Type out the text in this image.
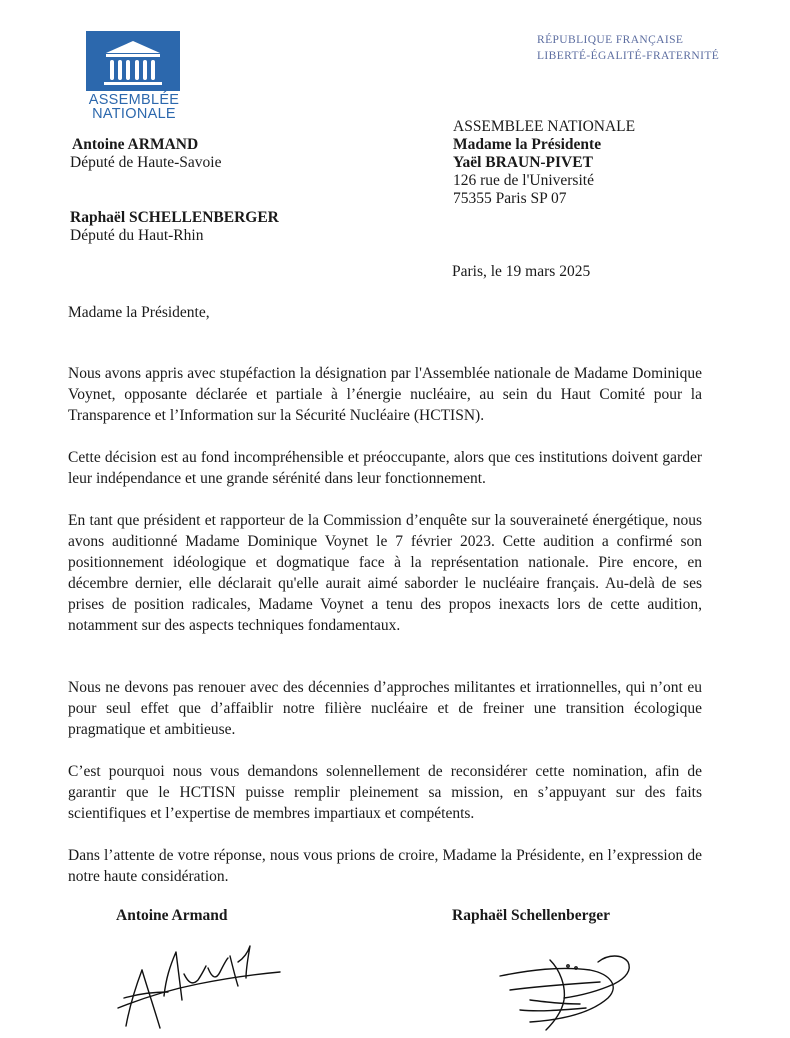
ASSEMBLÉE
NATIONALE
RÉPUBLIQUE FRANÇAISE
LIBERTÉ-ÉGALITÉ-FRATERNITÉ
Antoine ARMAND
Député de Haute-Savoie
Raphaël SCHELLENBERGER
Député du Haut-Rhin
ASSEMBLEE NATIONALE
Madame la Présidente
Yaël BRAUN-PIVET
126 rue de l'Université
75355 Paris SP 07
Paris, le 19 mars 2025
Madame la Présidente,

Nous avons appris avec stupéfaction la désignation par l'Assemblée nationale de Madame Dominique Voynet, opposante déclarée et partiale à l’énergie nucléaire, au sein du Haut Comité pour la Transparence et l’Information sur la Sécurité Nucléaire (HCTISN).

Cette décision est au fond incompréhensible et préoccupante, alors que ces institutions doivent garder leur indépendance et une grande sérénité dans leur fonctionnement.

En tant que président et rapporteur de la Commission d’enquête sur la souveraineté énergétique, nous avons auditionné Madame Dominique Voynet le 7 février 2023. Cette audition a confirmé son positionnement idéologique et dogmatique face à la représentation nationale. Pire encore, en décembre dernier, elle déclarait qu'elle aurait aimé saborder le nucléaire français. Au-delà de ses prises de position radicales, Madame Voynet a tenu des propos inexacts lors de cette audition, notamment sur des aspects techniques fondamentaux.

Nous ne devons pas renouer avec des décennies d’approches militantes et irrationnelles, qui n’ont eu pour seul effet que d’affaiblir notre filière nucléaire et de freiner une transition écologique pragmatique et ambitieuse.

C’est pourquoi nous vous demandons solennellement de reconsidérer cette nomination, afin de garantir que le HCTISN puisse remplir pleinement sa mission, en s’appuyant sur des faits scientifiques et l’expertise de membres impartiaux et compétents.

Dans l’attente de votre réponse, nous vous prions de croire, Madame la Présidente, en l’expression de notre haute considération.

Antoine Armand	Raphaël Schellenberger
